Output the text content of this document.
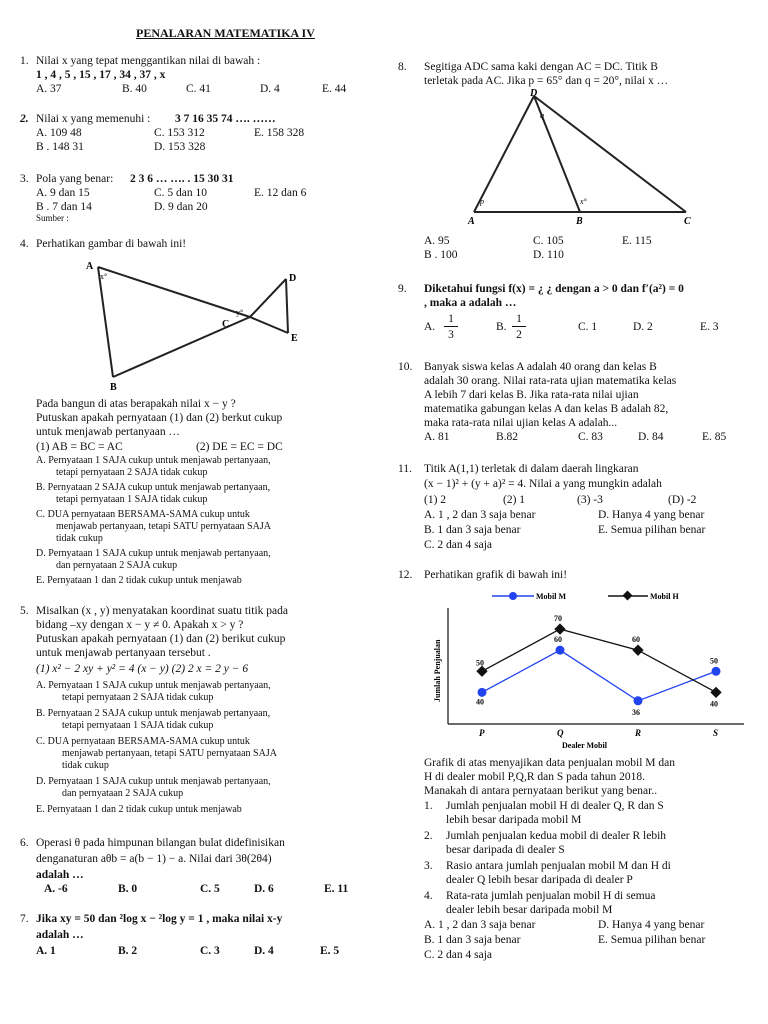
PENALARAN MATEMATIKA IV
1. Nilai x yang tepat menggantikan nilai di bawah :
1 , 4 , 5 , 15 , 17 , 34 , 37 , x
A. 37	B. 40	C. 41	D. 4	E. 44
2. Nilai x yang memenuhi : 3 7 16 35 74 …. ……
A. 109 48	C. 153 312	E. 158 328
B . 148 31	D. 153 328
3. Pola yang benar: 2 3 6 … …. . 15 30 31
A. 9 dan 15	C. 5 dan 10	E. 12 dan 6
B . 7 dan 14	D. 9 dan 20
Sumber :
4. Perhatikan gambar di bawah ini!
A
D
x°
y°
C
E
B
Pada bangun di atas berapakah nilai x − y ?
Putuskan apakah pernyataan (1) dan (2) berkut cukup
untuk menjawab pertanyaan …
(1) AB = BC = AC	(2) DE = EC = DC
A. Pernyataan 1 SAJA cukup untuk menjawab pertanyaan,
tetapi pernyataan 2 SAJA tidak cukup
B. Pernyataan 2 SAJA cukup untuk menjawab pertanyaan,
tetapi pernyataan 1 SAJA tidak cukup
C. DUA pernyataan BERSAMA-SAMA cukup untuk
menjawab pertanyaan, tetapi SATU pernyataan SAJA
tidak cukup
D. Pernyataan 1 SAJA cukup untuk menjawab pertanyaan,
dan pernyataan 2 SAJA cukup
E. Pernyataan 1 dan 2 tidak cukup untuk menjawab
5. Misalkan (x , y) menyatakan koordinat suatu titik pada
bidang –xy dengan x − y ≠ 0. Apakah x > y ?
Putuskan apakah pernyataan (1) dan (2) berikut cukup
untuk menjawab pertanyaan tersebut .
(1) x² − 2 xy + y² = 4 (x − y) (2) 2 x = 2 y − 6
A. Pernyataan 1 SAJA cukup untuk menjawab pertanyaan,
tetapi pernyataan 2 SAJA tidak cukup
B. Pernyataan 2 SAJA cukup untuk menjawab pertanyaan,
tetapi pernyataan 1 SAJA tidak cukup
C. DUA pernyataan BERSAMA-SAMA cukup untuk
menjawab pertanyaan, tetapi SATU pernyataan SAJA
tidak cukup
D. Pernyataan 1 SAJA cukup untuk menjawab pertanyaan,
dan pernyataan 2 SAJA cukup
E. Pernyataan 1 dan 2 tidak cukup untuk menjawab
6. Operasi θ pada himpunan bilangan bulat didefinisikan
denganaturan aθb = a(b − 1) − a. Nilai dari 3θ(2θ4)
adalah …
A. -6	B. 0	C. 5	D. 6	E. 11
7. Jika xy = 50 dan ²log x − ²log y = 1 , maka nilai x-y
adalah …
A. 1	B. 2	C. 3	D. 4	E. 5
8. Segitiga ADC sama kaki dengan AC = DC. Titik B
terletak pada AC. Jika p = 65° dan q = 20°, nilai x …
D
q
p	x°
A	B	C
A. 95	C. 105	E. 115
B . 100	D. 110
9. Diketahui fungsi f(x) = ¿ ¿ dengan a > 0 dan f′(a²) = 0
, maka a adalah …
A.
1
3
B.
1
2
C. 1	D. 2	E. 3
10. Banyak siswa kelas A adalah 40 orang dan kelas B
adalah 30 orang. Nilai rata-rata ujian matematika kelas
A lebih 7 dari kelas B. Jika rata-rata nilai ujian
matematika gabungan kelas A dan kelas B adalah 82,
maka rata-rata nilai ujian kelas A adalah...
A. 81	B.82	C. 83	D. 84	E. 85
11. Titik A(1,1) terletak di dalam daerah lingkaran
(x − 1)² + (y + a)² = 4. Nilai a yang mungkin adalah
(1) 2	(2) 1	(3) -3	(D) -2
A. 1 , 2 dan 3 saja benar	D. Hanya 4 yang benar
B. 1 dan 3 saja benar	E. Semua pilihan benar
C. 2 dan 4 saja
12. Perhatikan grafik di bawah ini!
Mobil M	Mobil H
Jumlah Penjualan
Dealer Mobil
P	Q	R	S
40
60
36
50
50
70
60
40
Grafik di atas menyajikan data penjualan mobil M dan
H di dealer mobil P,Q,R dan S pada tahun 2018.
Manakah di antara pernyataan berikut yang benar..
1. Jumlah penjualan mobil H di dealer Q, R dan S
lebih besar daripada mobil M
2. Jumlah penjualan kedua mobil di dealer R lebih
besar daripada di dealer S
3. Rasio antara jumlah penjualan mobil M dan H di
dealer Q lebih besar daripada di dealer P
4. Rata-rata jumlah penjualan mobil H di semua
dealer lebih besar daripada mobil M
A. 1 , 2 dan 3 saja benar	D. Hanya 4 yang benar
B. 1 dan 3 saja benar	E. Semua pilihan benar
C. 2 dan 4 saja
